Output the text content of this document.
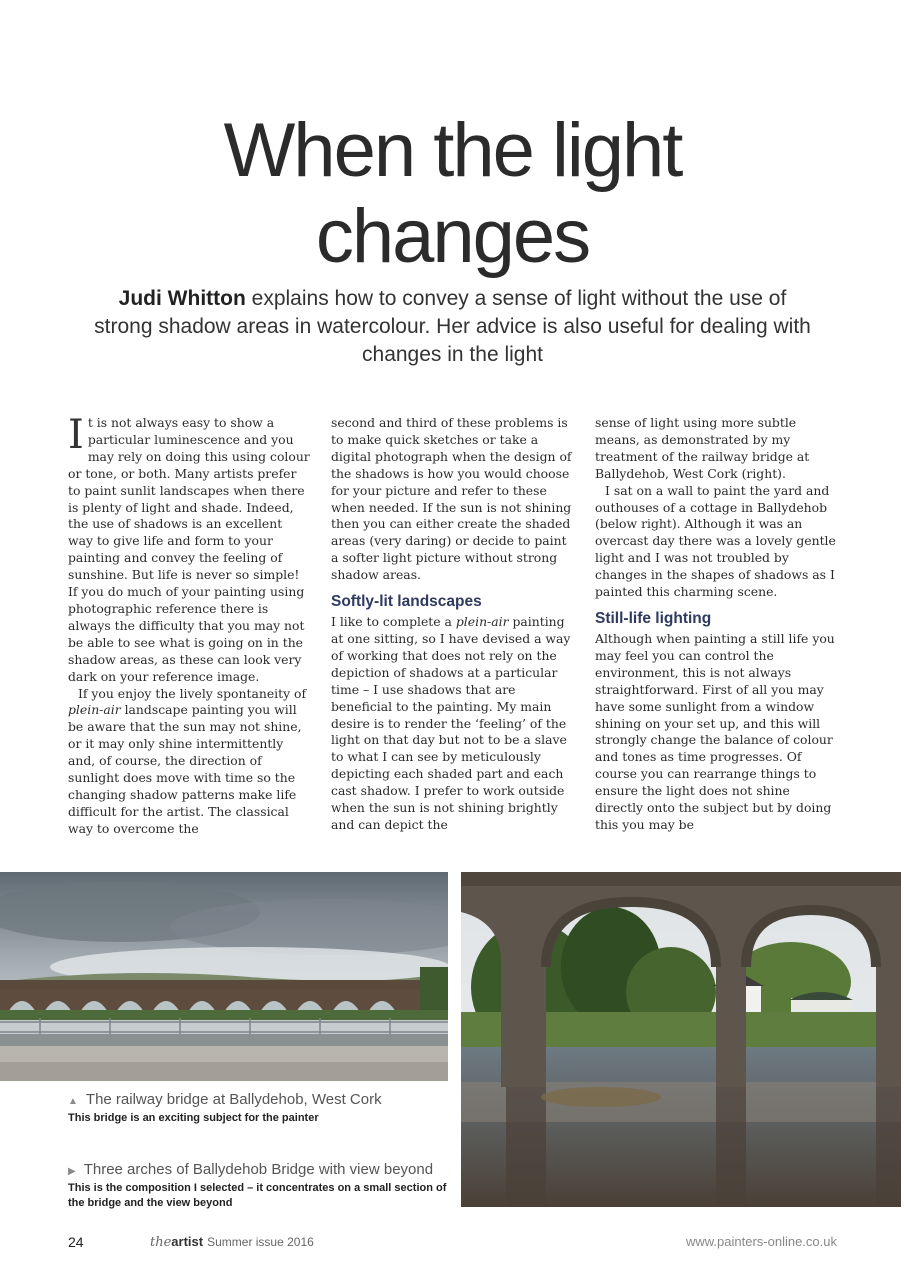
When the light
changes
Judi Whitton explains how to convey a sense of light without the use of strong shadow areas in watercolour. Her advice is also useful for dealing with changes in the light

It is not always easy to show a particular luminescence and you may rely on doing this using colour or tone, or both. Many artists prefer to paint sunlit landscapes when there is plenty of light and shade. Indeed, the use of shadows is an excellent way to give life and form to your painting and convey the feeling of sunshine. But life is never so simple! If you do much of your painting using photographic reference there is always the difficulty that you may not be able to see what is going on in the shadow areas, as these can look very dark on your reference image.

If you enjoy the lively spontaneity of plein-air landscape painting you will be aware that the sun may not shine, or it may only shine intermittently and, of course, the direction of sunlight does move with time so the changing shadow patterns make life difficult for the artist. The classical way to overcome the

second and third of these problems is to make quick sketches or take a digital photograph when the design of the shadows is how you would choose for your picture and refer to these when needed. If the sun is not shining then you can either create the shaded areas (very daring) or decide to paint a softer light picture without strong shadow areas.

Softly-lit landscapes

I like to complete a plein-air painting at one sitting, so I have devised a way of working that does not rely on the depiction of shadows at a particular time – I use shadows that are beneficial to the painting. My main desire is to render the ‘feeling’ of the light on that day but not to be a slave to what I can see by meticulously depicting each shaded part and each cast shadow. I prefer to work outside when the sun is not shining brightly and can depict the

sense of light using more subtle means, as demonstrated by my treatment of the railway bridge at Ballydehob, West Cork (right).

I sat on a wall to paint the yard and outhouses of a cottage in Ballydehob (below right). Although it was an overcast day there was a lovely gentle light and I was not troubled by changes in the shapes of shadows as I painted this charming scene.

Still-life lighting

Although when painting a still life you may feel you can control the environment, this is not always straightforward. First of all you may have some sunlight from a window shining on your set up, and this will strongly change the balance of colour and tones as time progresses. Of course you can rearrange things to ensure the light does not shine directly onto the subject but by doing this you may be

▲ The railway bridge at Ballydehob, West Cork
This bridge is an exciting subject for the painter
▶ Three arches of Ballydehob Bridge with view beyond
This is the composition I selected – it concentrates on a small section of the bridge and the view beyond
24	theartist Summer issue 2016	www.painters-online.co.uk
